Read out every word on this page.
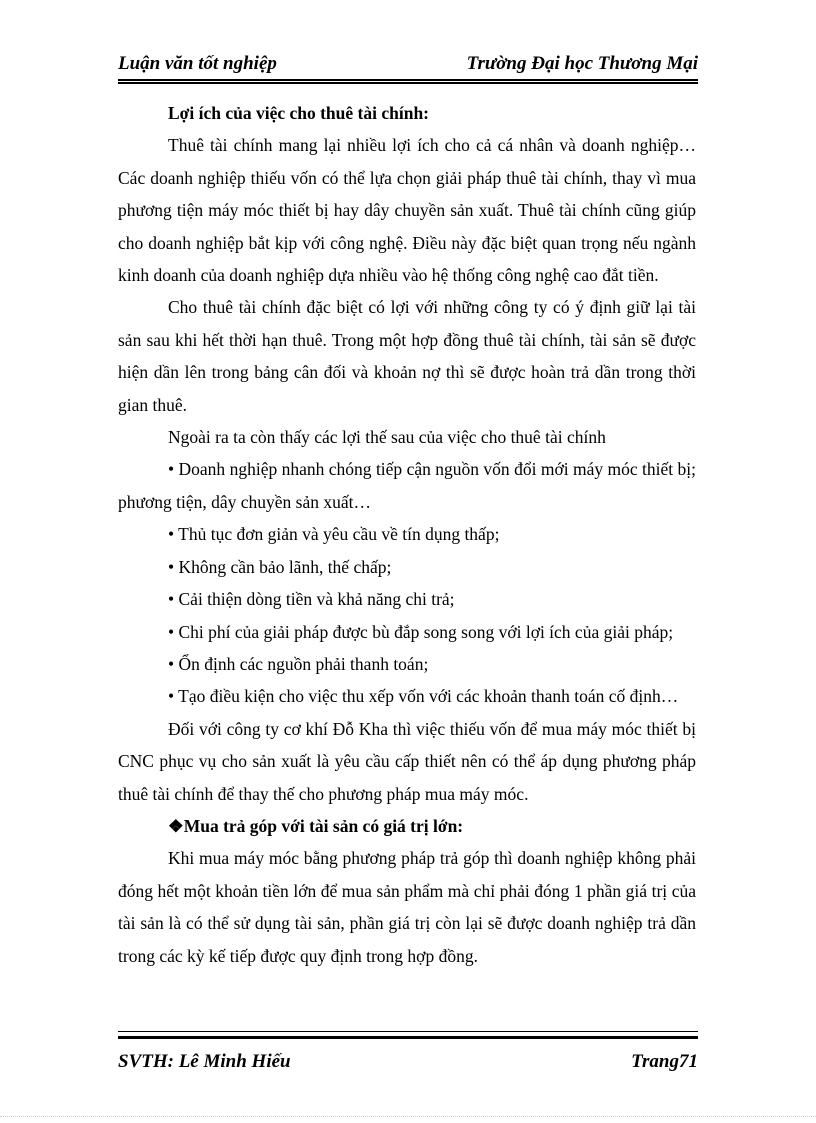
Luận văn tốt nghiệp	Trường Đại học Thương Mại

Lợi ích của việc cho thuê tài chính:

Thuê tài chính mang lại nhiều lợi ích cho cả cá nhân và doanh nghiệp…Các doanh nghiệp thiếu vốn có thể lựa chọn giải pháp thuê tài chính, thay vì mua phương tiện máy móc thiết bị hay dây chuyền sản xuất. Thuê tài chính cũng giúp cho doanh nghiệp bắt kịp với công nghệ. Điều này đặc biệt quan trọng nếu ngành kinh doanh của doanh nghiệp dựa nhiều vào hệ thống công nghệ cao đắt tiền.

Cho thuê tài chính đặc biệt có lợi với những công ty có ý định giữ lại tài sản sau khi hết thời hạn thuê. Trong một hợp đồng thuê tài chính, tài sản sẽ được hiện dần lên trong bảng cân đối và khoản nợ thì sẽ được hoàn trả dần trong thời gian thuê.

Ngoài ra ta còn thấy các lợi thế sau của việc cho thuê tài chính

• Doanh nghiệp nhanh chóng tiếp cận nguồn vốn đổi mới máy móc thiết bị; phương tiện, dây chuyền sản xuất…

• Thủ tục đơn giản và yêu cầu về tín dụng thấp;

• Không cần bảo lãnh, thế chấp;

• Cải thiện dòng tiền và khả năng chi trả;

• Chi phí của giải pháp được bù đắp song song với lợi ích của giải pháp;

• Ổn định các nguồn phải thanh toán;

• Tạo điều kiện cho việc thu xếp vốn với các khoản thanh toán cố định…

Đối với công ty cơ khí Đỗ Kha thì việc thiếu vốn để mua máy móc thiết bị CNC phục vụ cho sản xuất là yêu cầu cấp thiết nên có thể áp dụng phương pháp thuê tài chính để thay thế cho phương pháp mua máy móc.

❖Mua trả góp với tài sản có giá trị lớn:

Khi mua máy móc bằng phương pháp trả góp thì doanh nghiệp không phải đóng hết một khoản tiền lớn để mua sản phẩm mà chỉ phải đóng 1 phần giá trị của tài sản là có thể sử dụng tài sản, phần giá trị còn lại sẽ được doanh nghiệp trả dần trong các kỳ kế tiếp được quy định trong hợp đồng.

SVTH: Lê Minh Hiếu	Trang71
